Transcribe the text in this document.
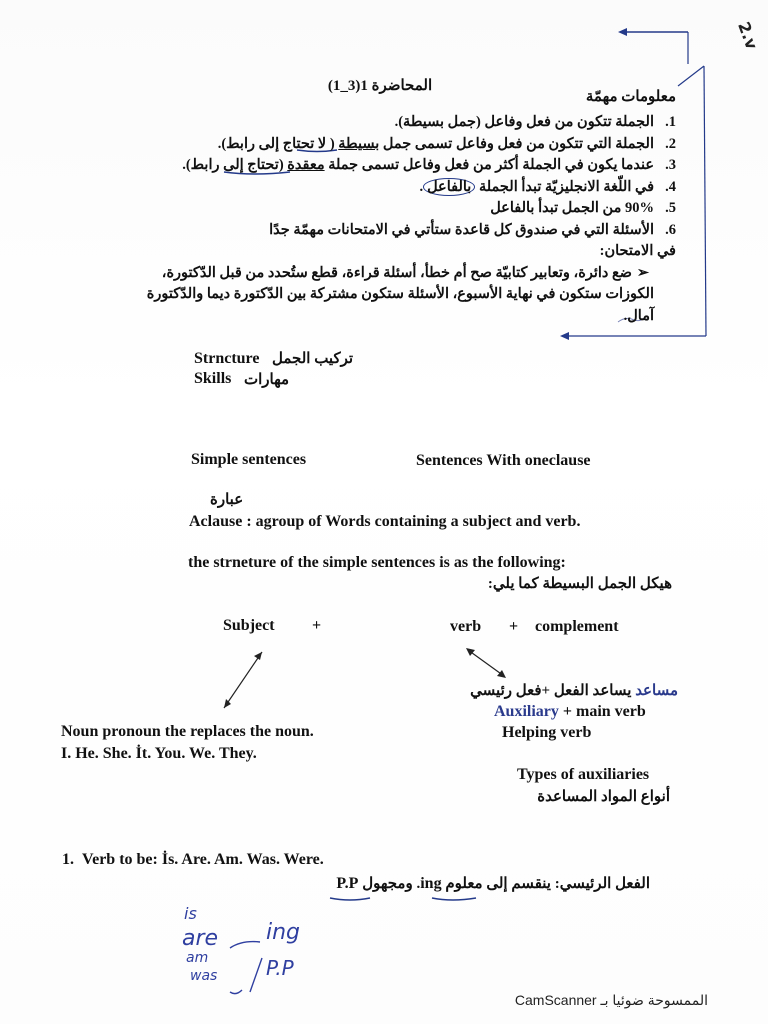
2.v
المحاضرة 1(3_1)
معلومات مهمّة
1.الجملة تتكون من فعل وفاعل (جمل بسيطة).
2.الجملة التي تتكون من فعل وفاعل تسمى جمل بسيطة ( لا تحتاج إلى رابط).
3.عندما يكون في الجملة أكثر من فعل وفاعل تسمى جملة معقدة (تحتاج إلى رابط).
4.في اللّغة الانجليزيّة تبدأ الجملة بالفاعل.
5.90% من الجمل تبدأ بالفاعل
6.الأسئلة التي في صندوق كل قاعدة ستأتي في الامتحانات مهمّة جدًا
في الامتحان:
➢ضع دائرة، وتعابير كتابيّة صح أم خطأ، أسئلة قراءة، قطع ستُحدد من قبل الدّكتورة، الكوزات ستكون في نهاية الأسبوع، الأسئلة ستكون مشتركة بين الدّكتورة ديما والدّكتورة آمال.
Strncture تركيب الجمل
Skills مهارات
Simple sentences	Sentences With oneclause
عبارة
Aclause : agroup of Words containing a subject and verb.
the strneture of the simple sentences is as the following:
هيكل الجمل البسيطة كما يلي:
Subject +	verb + complement
مساعد يساعد الفعل +فعل رئيسي
Auxiliary + main verb
Helping verb
Noun pronoun the replaces the noun.
I. He. She. İt. You. We. They.
Types of auxiliaries
أنواع المواد المساعدة
1. Verb to be: İs. Are. Am. Was. Were.
الفعل الرئيسي: ينقسم إلى معلوم ing. ومجهول P.P
is
are
am
was
ing
P.P
CamScanner الممسوحة ضوئيا بـ
